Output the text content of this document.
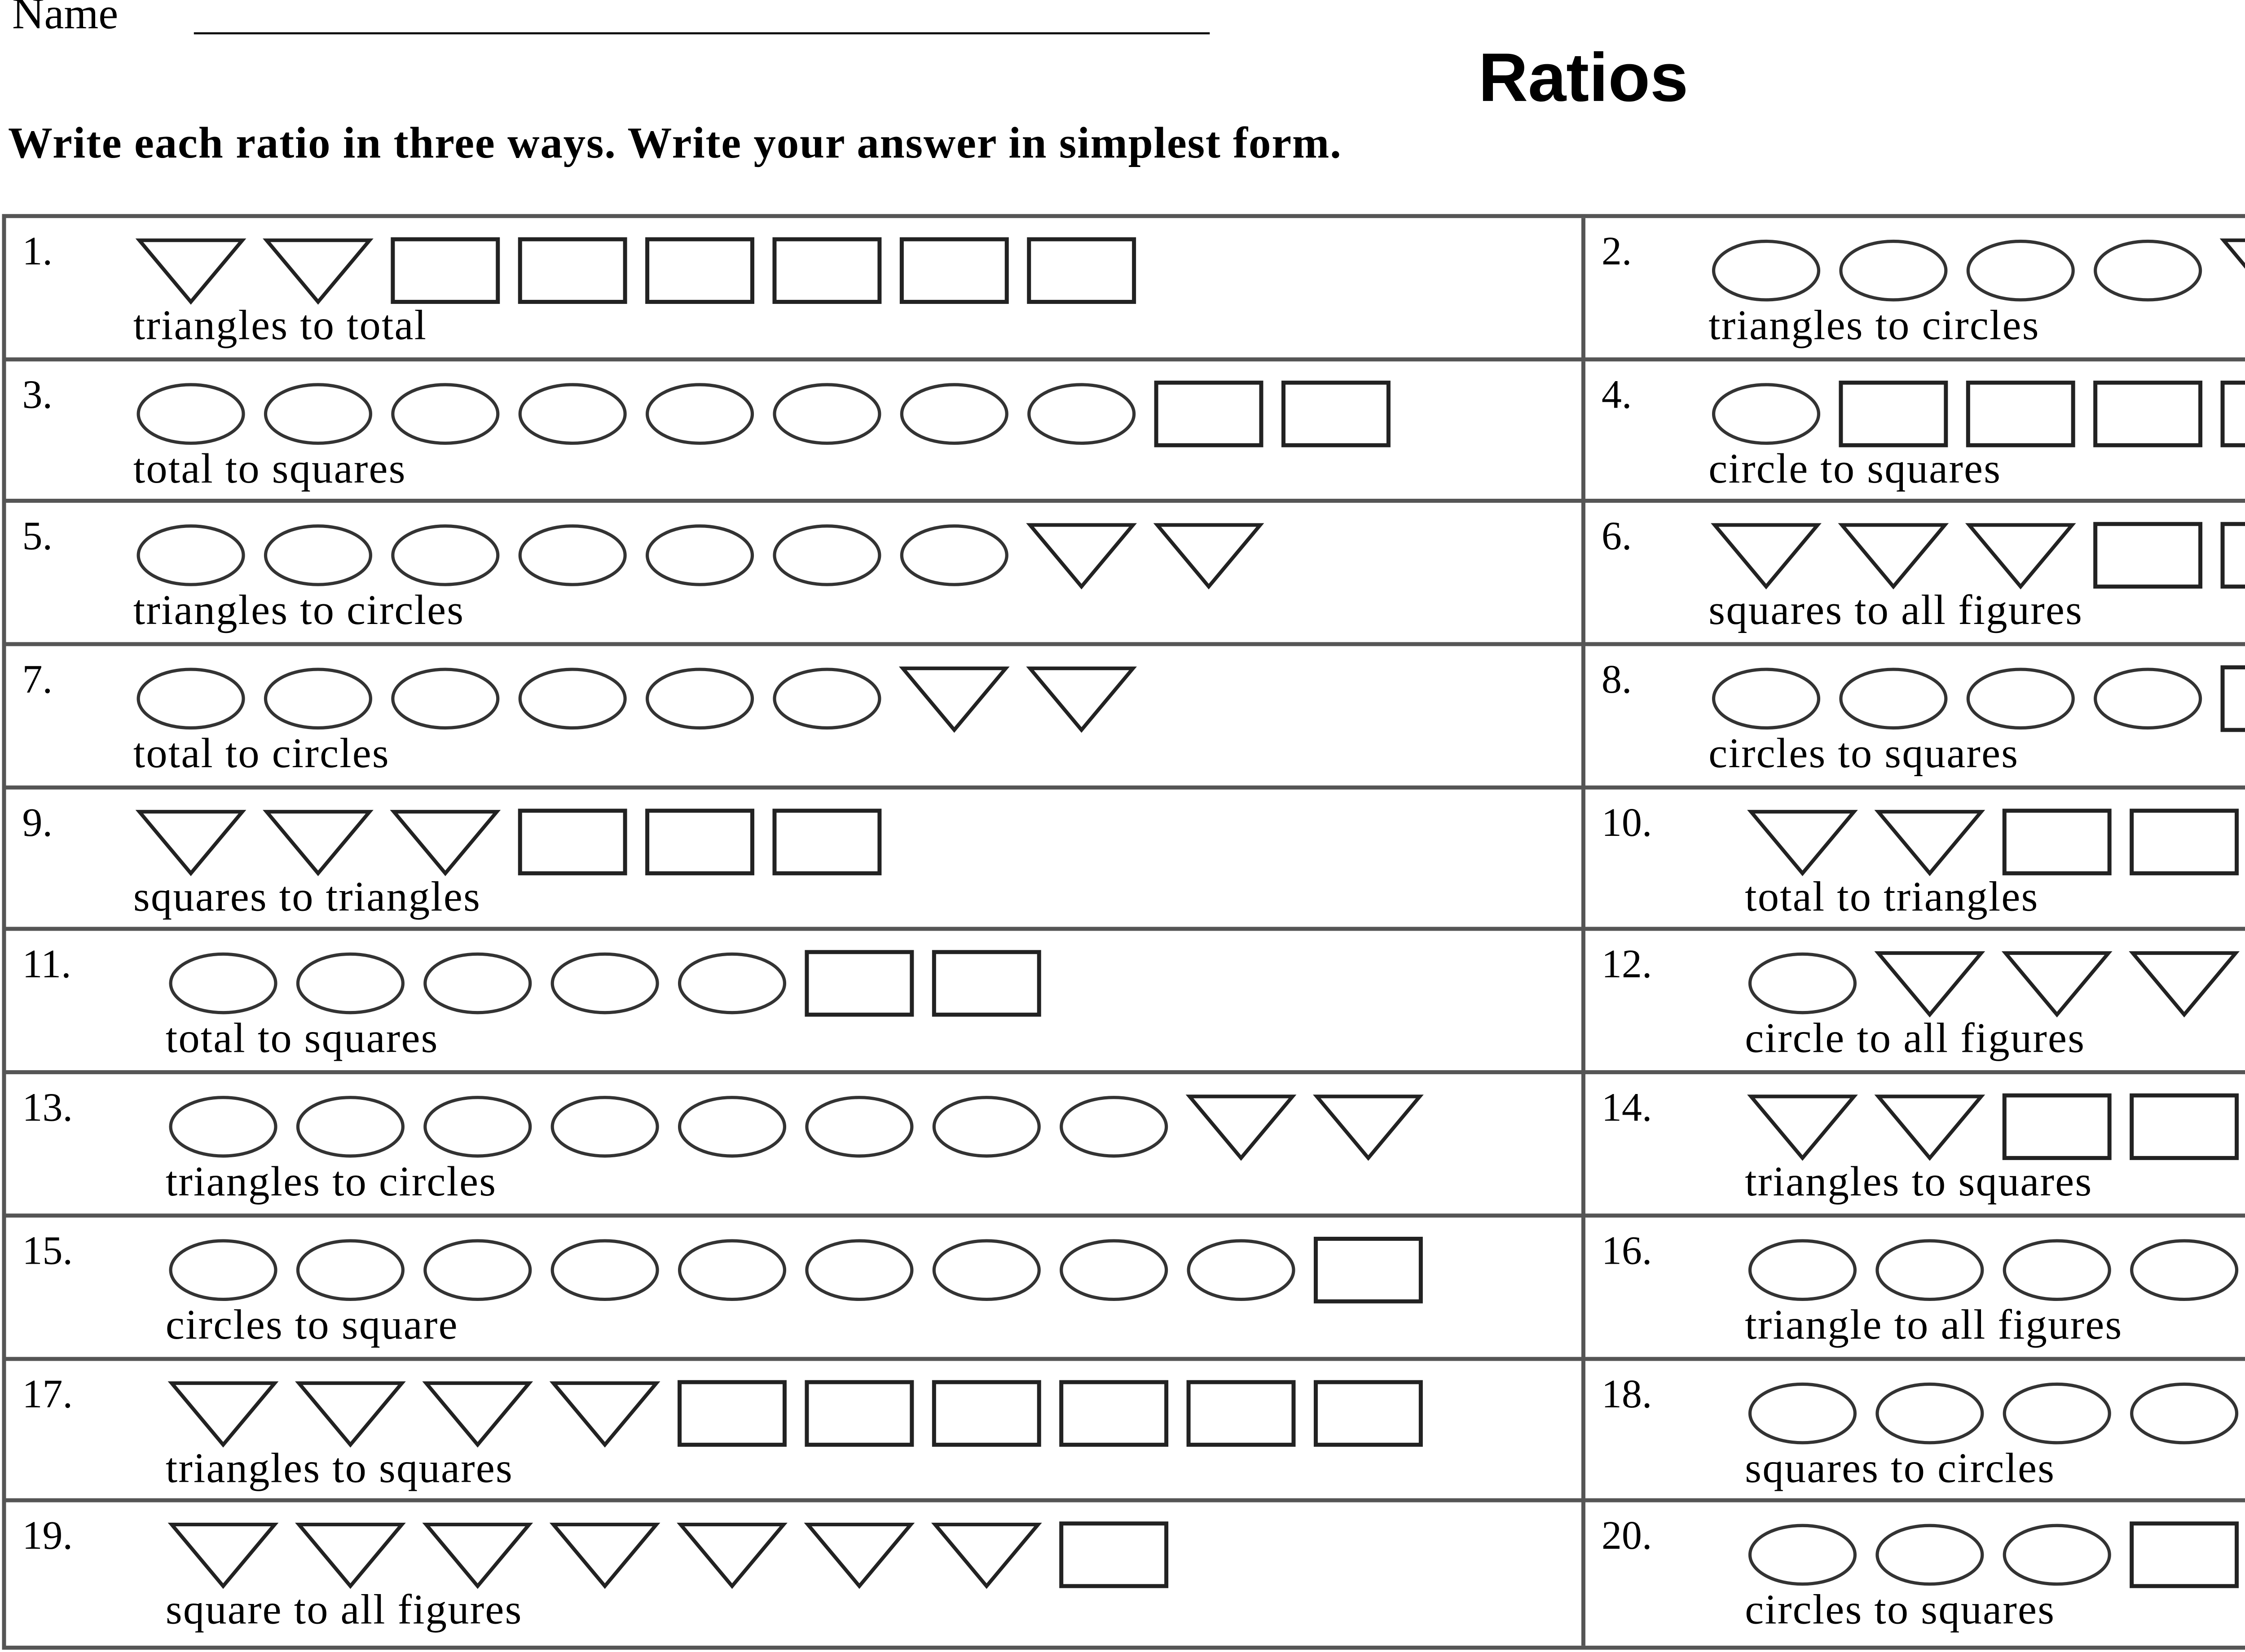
Name
Ratios
Write each ratio in three ways. Write your answer in simplest form.
1.
triangles to total
2.
triangles to circles
3.
total to squares
4.
circle to squares
5.
triangles to circles
6.
squares to all figures
7.
total to circles
8.
circles to squares
9.
squares to triangles
10.
total to triangles
11.
total to squares
12.
circle to all figures
13.
triangles to circles
14.
triangles to squares
15.
circles to square
16.
triangle to all figures
17.
triangles to squares
18.
squares to circles
19.
square to all figures
20.
circles to squares
